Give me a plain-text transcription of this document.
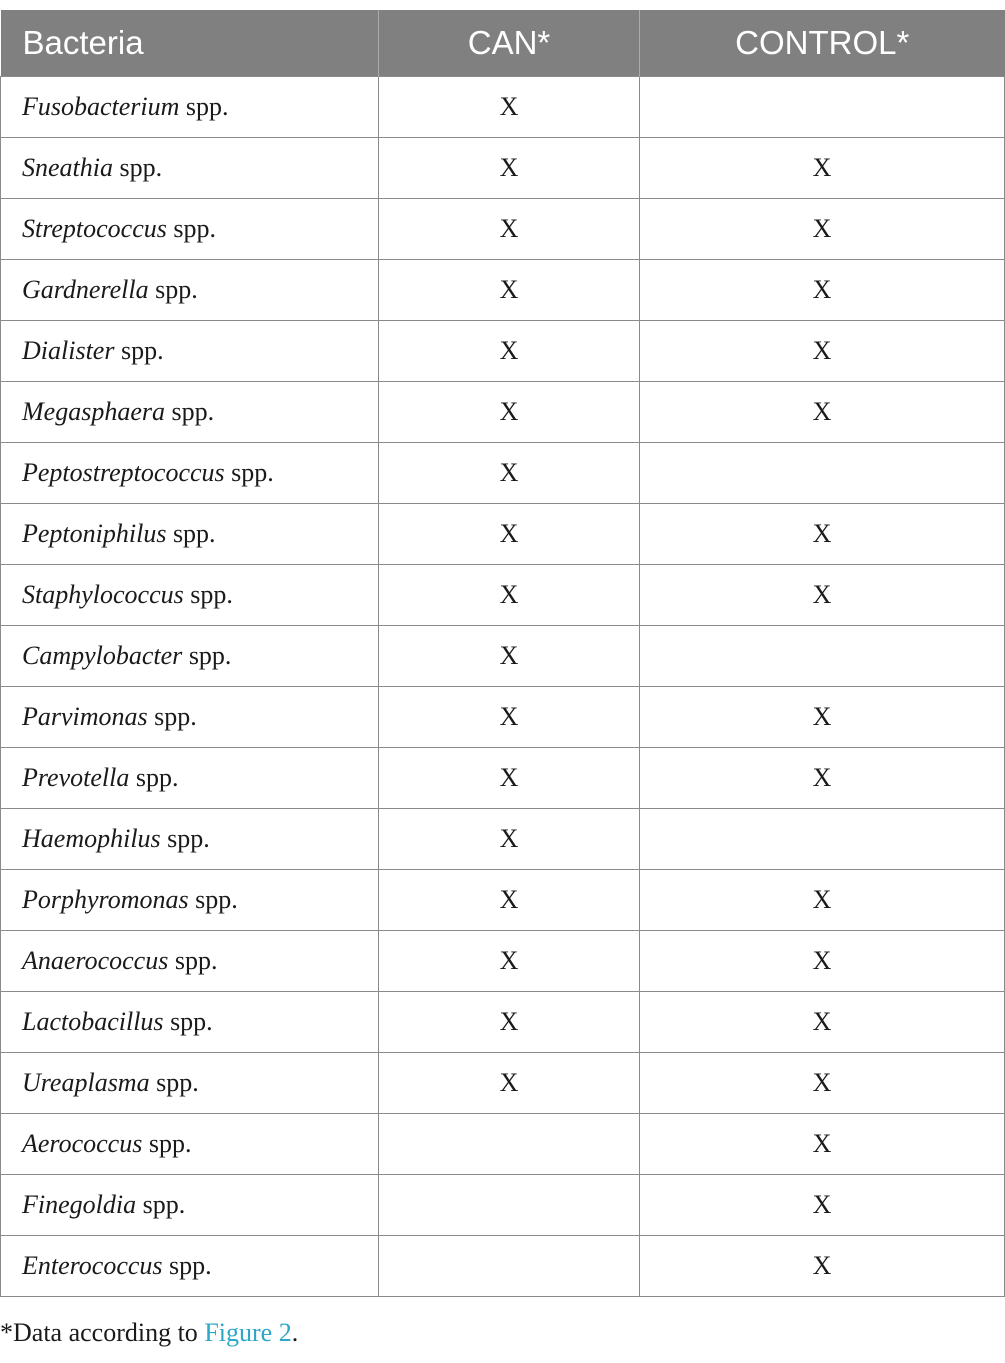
Bacteria	CAN*	CONTROL*
Fusobacterium spp.	X	
Sneathia spp.	X	X
Streptococcus spp.	X	X
Gardnerella spp.	X	X
Dialister spp.	X	X
Megasphaera spp.	X	X
Peptostreptococcus spp.	X	
Peptoniphilus spp.	X	X
Staphylococcus spp.	X	X
Campylobacter spp.	X	
Parvimonas spp.	X	X
Prevotella spp.	X	X
Haemophilus spp.	X	
Porphyromonas spp.	X	X
Anaerococcus spp.	X	X
Lactobacillus spp.	X	X
Ureaplasma spp.	X	X
Aerococcus spp.		X
Finegoldia spp.		X
Enterococcus spp.		X
*Data according to Figure 2.
